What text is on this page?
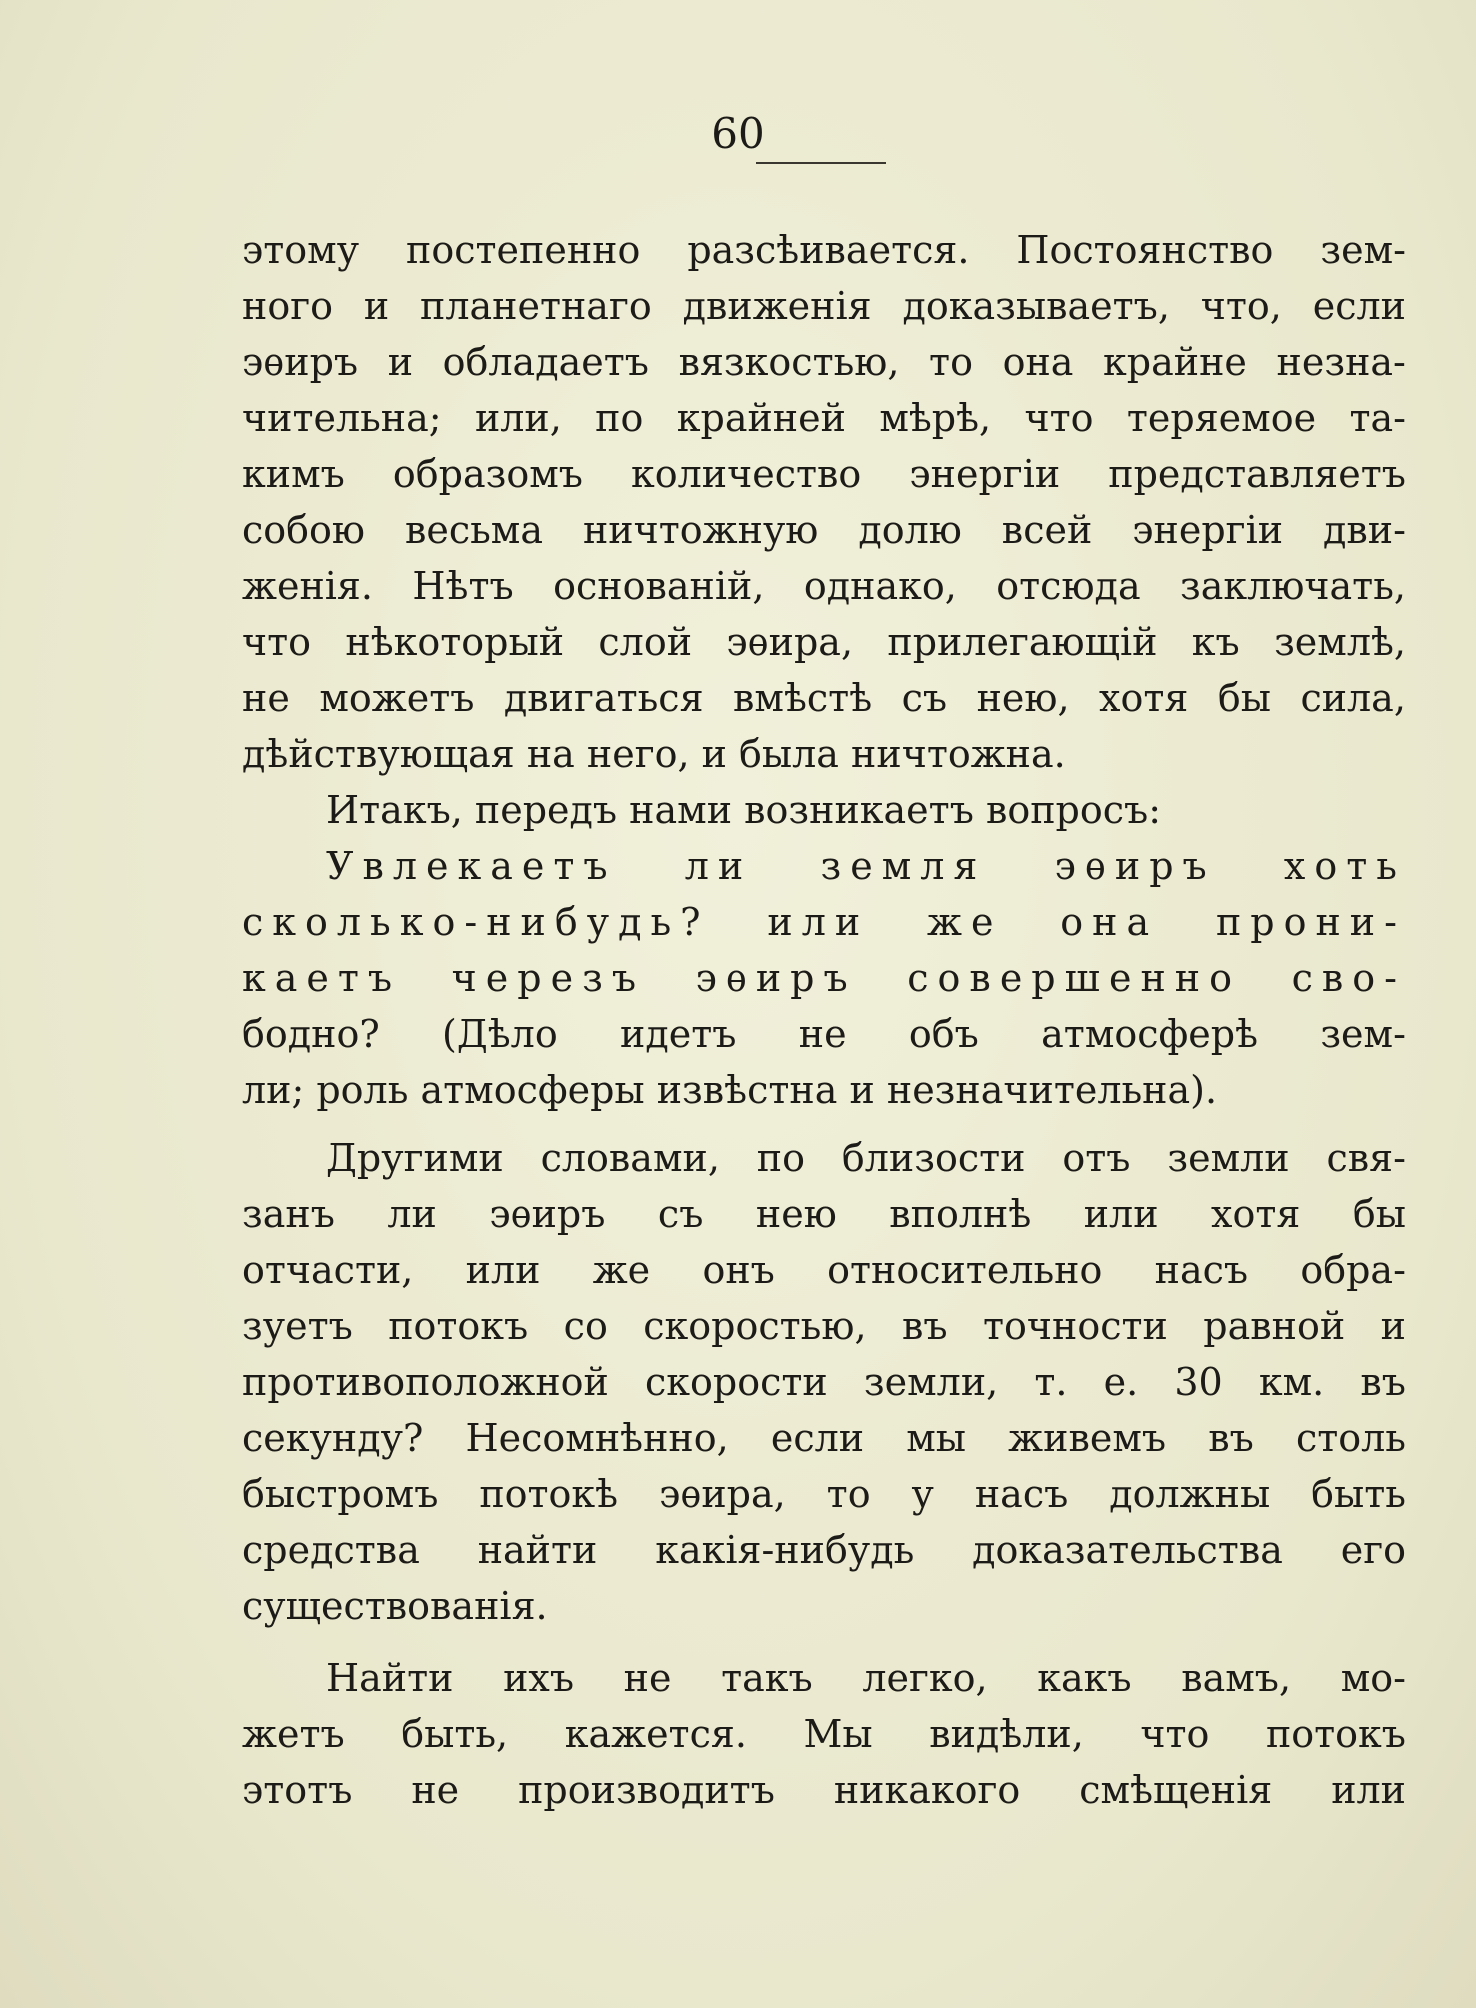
60
этому постепенно разсѣивается. Постоянство зем-
ного и планетнаго движенія доказываетъ, что, если
эѳиръ и обладаетъ вязкостью, то она крайне незна-
чительна; или, по крайней мѣрѣ, что теряемое та-
кимъ образомъ количество энергіи представляетъ
собою весьма ничтожную долю всей энергіи дви-
женія. Нѣтъ основаній, однако, отсюда заключать,
что нѣкоторый слой эѳира, прилегающій къ землѣ,
не можетъ двигаться вмѣстѣ съ нею, хотя бы сила,
дѣйствующая на него, и была ничтожна.
Итакъ, передъ нами возникаетъ вопросъ:
Увлекаетъ ли земля эѳиръ хоть
сколько-нибудь? или же она прони-
каетъ черезъ эѳиръ совершенно сво-
бодно? (Дѣло идетъ не объ атмосферѣ зем-
ли; роль атмосферы извѣстна и незначительна).
Другими словами, по близости отъ земли свя-
занъ ли эѳиръ съ нею вполнѣ или хотя бы
отчасти, или же онъ относительно насъ обра-
зуетъ потокъ со скоростью, въ точности равной и
противоположной скорости земли, т. е. 30 км. въ
секунду? Несомнѣнно, если мы живемъ въ столь
быстромъ потокѣ эѳира, то у насъ должны быть
средства найти какія-нибудь доказательства его
существованія.
Найти ихъ не такъ легко, какъ вамъ, мо-
жетъ быть, кажется. Мы видѣли, что потокъ
этотъ не производитъ никакого смѣщенія или
